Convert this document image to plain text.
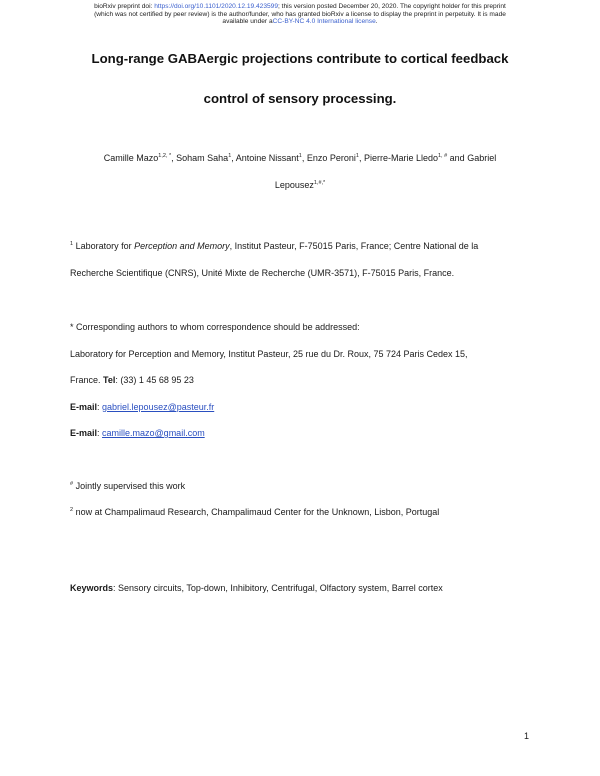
bioRxiv preprint doi: https://doi.org/10.1101/2020.12.19.423599; this version posted December 20, 2020. The copyright holder for this preprint
(which was not certified by peer review) is the author/funder, who has granted bioRxiv a license to display the preprint in perpetuity. It is made
available under aCC-BY-NC 4.0 International license.
Long-range GABAergic projections contribute to cortical feedback
control of sensory processing.
Camille Mazo$^{1,2, *}$, Soham Saha$^1$, Antoine Nissant$^1$, Enzo Peroni$^1$, Pierre-Marie Lledo$^{1, \#}$ and Gabriel
Lepousez$^{1,\#,*}$
$^1$ Laboratory for Perception and Memory, Institut Pasteur, F-75015 Paris, France; Centre National de la
Recherche Scientifique (CNRS), Unité Mixte de Recherche (UMR-3571), F-75015 Paris, France.
* Corresponding authors to whom correspondence should be addressed:
Laboratory for Perception and Memory, Institut Pasteur, 25 rue du Dr. Roux, 75 724 Paris Cedex 15,
France. Tel: (33) 1 45 68 95 23
E-mail: gabriel.lepousez@pasteur.fr
E-mail: camille.mazo@gmail.com
# Jointly supervised this work
$^2$ now at Champalimaud Research, Champalimaud Center for the Unknown, Lisbon, Portugal
Keywords: Sensory circuits, Top-down, Inhibitory, Centrifugal, Olfactory system, Barrel cortex
1
